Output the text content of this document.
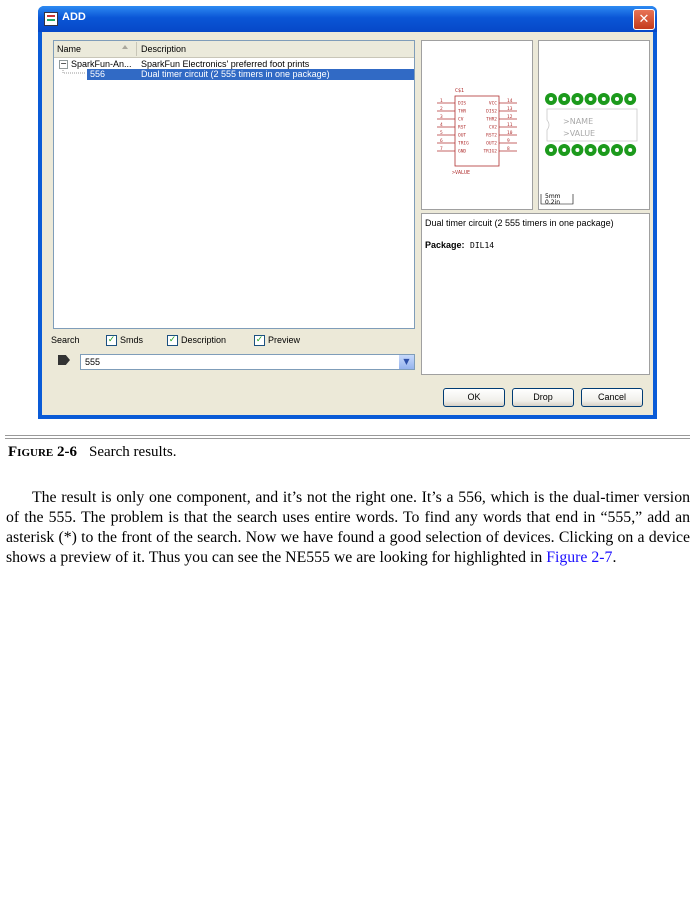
ADD	✕
Name	Description
− SparkFun-An... SparkFun Electronics' preferred foot prints
556	Dual timer circuit (2 555 timers in one package)
Search	✓ Smds	✓ Description	✓ Preview
555	▼
C$1
>VALUE
1	DIS
2	THR
3	CV
4	RST
5	OUT
6	TRIG
7	GND
14
VCC
13
DIS2
12
THR2
11
CV2
10
RST2
9
OUT2
8
TRIG2
>NAME
>VALUE
5mm
0.2in
Dual timer circuit (2 555 timers in one package)
Package: DIL14
OK	Drop	Cancel
Figure 2-6 Search results.

The result is only one component, and it’s not the right one. It’s a 556, which is the dual-timer version of the 555. The problem is that the search uses entire words. To find any words that end in “555,” add an asterisk (*) to the front of the search. Now we have found a good selection of devices. Clicking on a device shows a preview of it. Thus you can see the NE555 we are looking for highlighted in Figure 2-7.
